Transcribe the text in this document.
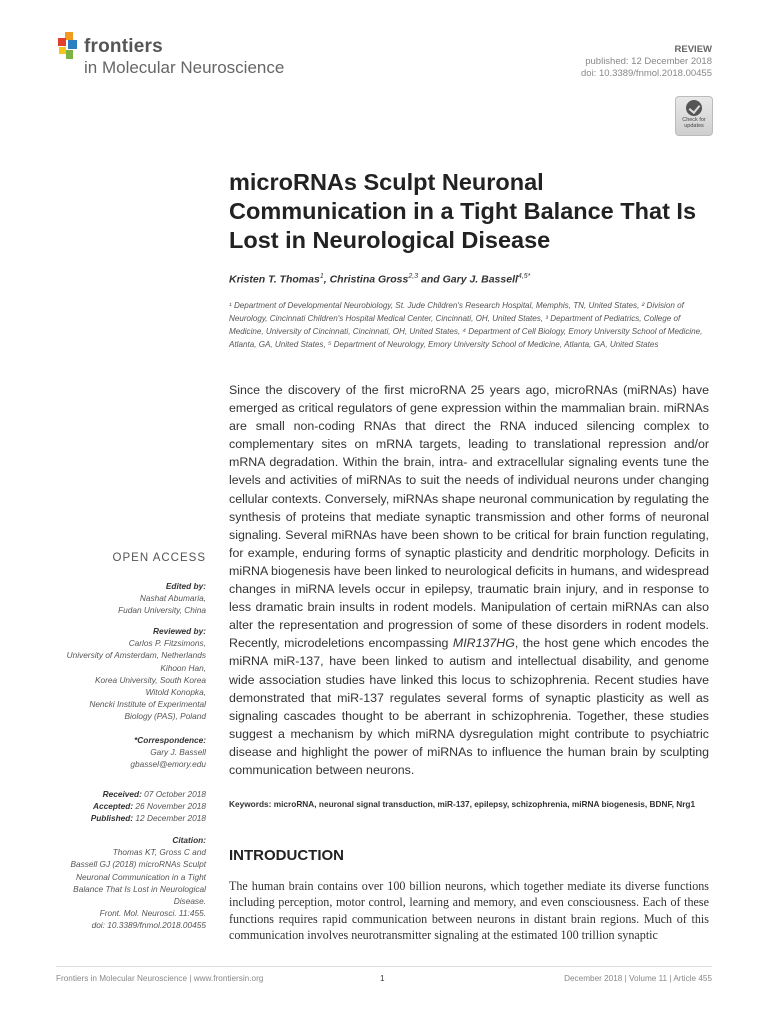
frontiers
in Molecular Neuroscience
REVIEW
published: 12 December 2018
doi: 10.3389/fnmol.2018.00455
Check for updates
microRNAs Sculpt Neuronal Communication in a Tight Balance That Is Lost in Neurological Disease
Kristen T. Thomas$^1$, Christina Gross$^{2,3}$ and Gary J. Bassell$^{4,5*}$
¹ Department of Developmental Neurobiology, St. Jude Children's Research Hospital, Memphis, TN, United States, ² Division of Neurology, Cincinnati Children's Hospital Medical Center, Cincinnati, OH, United States, ³ Department of Pediatrics, College of Medicine, University of Cincinnati, Cincinnati, OH, United States, ⁴ Department of Cell Biology, Emory University School of Medicine, Atlanta, GA, United States, ⁵ Department of Neurology, Emory University School of Medicine, Atlanta, GA, United States
Since the discovery of the first microRNA 25 years ago, microRNAs (miRNAs) have emerged as critical regulators of gene expression within the mammalian brain. miRNAs are small non-coding RNAs that direct the RNA induced silencing complex to complementary sites on mRNA targets, leading to translational repression and/or mRNA degradation. Within the brain, intra- and extracellular signaling events tune the levels and activities of miRNAs to suit the needs of individual neurons under changing cellular contexts. Conversely, miRNAs shape neuronal communication by regulating the synthesis of proteins that mediate synaptic transmission and other forms of neuronal signaling. Several miRNAs have been shown to be critical for brain function regulating, for example, enduring forms of synaptic plasticity and dendritic morphology. Deficits in miRNA biogenesis have been linked to neurological deficits in humans, and widespread changes in miRNA levels occur in epilepsy, traumatic brain injury, and in response to less dramatic brain insults in rodent models. Manipulation of certain miRNAs can also alter the representation and progression of some of these disorders in rodent models. Recently, microdeletions encompassing MIR137HG, the host gene which encodes the miRNA miR-137, have been linked to autism and intellectual disability, and genome wide association studies have linked this locus to schizophrenia. Recent studies have demonstrated that miR-137 regulates several forms of synaptic plasticity as well as signaling cascades thought to be aberrant in schizophrenia. Together, these studies suggest a mechanism by which miRNA dysregulation might contribute to psychiatric disease and highlight the power of miRNAs to influence the human brain by sculpting communication between neurons.
Keywords: microRNA, neuronal signal transduction, miR-137, epilepsy, schizophrenia, miRNA biogenesis, BDNF, Nrg1
INTRODUCTION
The human brain contains over 100 billion neurons, which together mediate its diverse functions including perception, motor control, learning and memory, and even consciousness. Each of these functions requires rapid communication between neurons in distant brain regions. Much of this communication involves neurotransmitter signaling at the estimated 100 trillion synaptic
OPEN ACCESS
Edited by:
Nashat Abumaria,
Fudan University, China
Reviewed by:
Carlos P. Fitzsimons,
University of Amsterdam, Netherlands
Kihoon Han,
Korea University, South Korea
Witold Konopka,
Nencki Institute of Experimental
Biology (PAS), Poland
*Correspondence:
Gary J. Bassell
gbassel@emory.edu
Received: 07 October 2018
Accepted: 26 November 2018
Published: 12 December 2018
Citation:
Thomas KT, Gross C and
Bassell GJ (2018) microRNAs Sculpt
Neuronal Communication in a Tight
Balance That Is Lost in Neurological
Disease.
Front. Mol. Neurosci. 11:455.
doi: 10.3389/fnmol.2018.00455
Frontiers in Molecular Neuroscience | www.frontiersin.org	1	December 2018 | Volume 11 | Article 455
